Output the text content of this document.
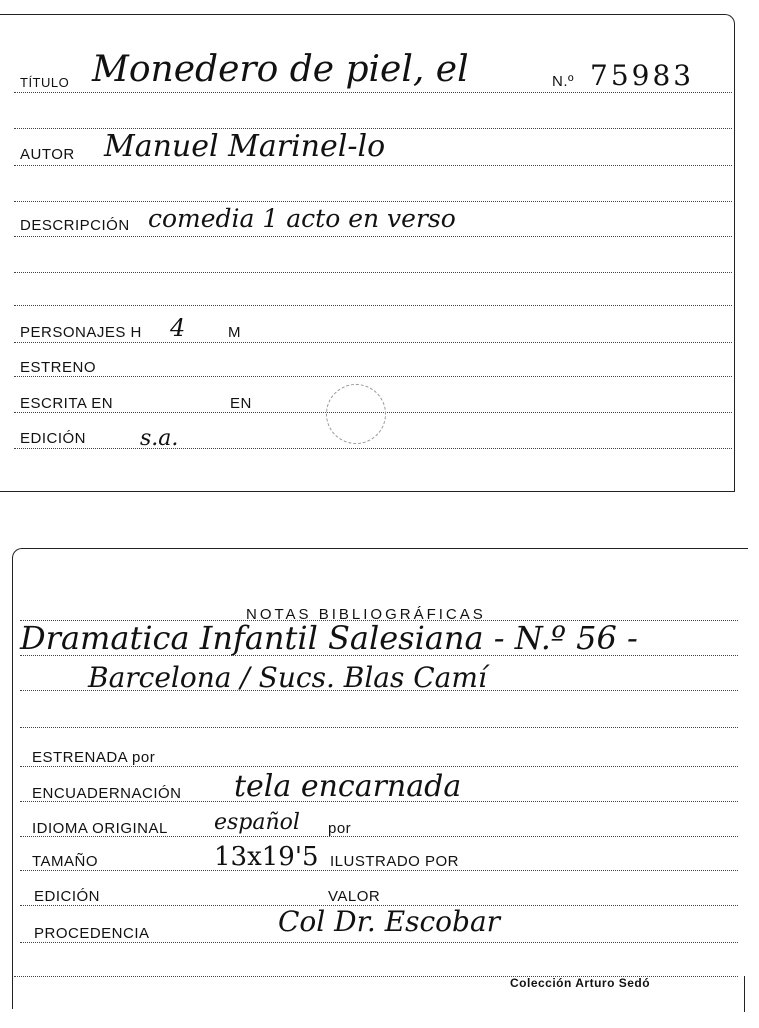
TÍTULO Monedero de piel, el	N.º 75983
AUTOR Manuel Marinel-lo
DESCRIPCIÓN comedia 1 acto en verso
PERSONAJES H 4	M
ESTRENO
ESCRITA EN	EN
EDICIÓN s.a.
NOTAS BIBLIOGRÁFICAS
Dramatica Infantil Salesiana - N.º 56 -
Barcelona / Sucs. Blas Camí
ESTRENADA por
ENCUADERNACIÓN tela encarnada
IDIOMA ORIGINAL español por
TAMAÑO	13x19'5 ILUSTRADO POR
EDICIÓN	VALOR
PROCEDENCIA	Col Dr. Escobar
Colección Arturo Sedó
